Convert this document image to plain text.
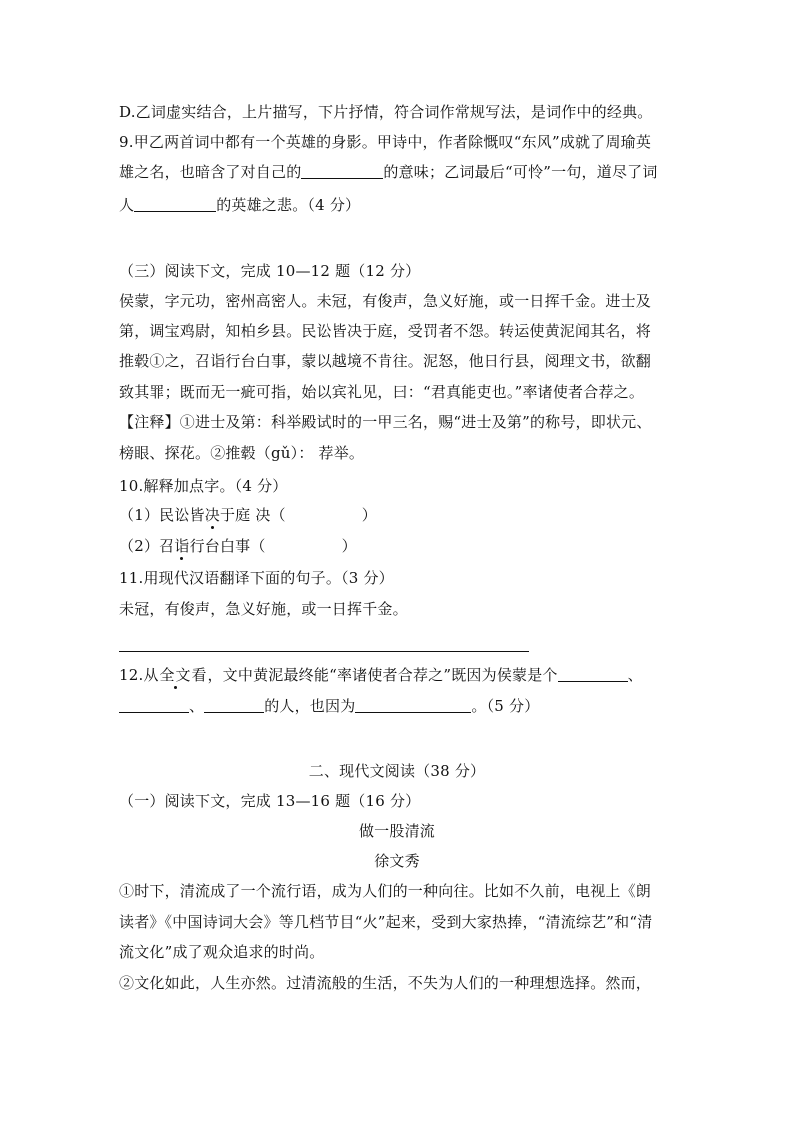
D.乙词虚实结合，上片描写，下片抒情，符合词作常规写法，是词作中的经典。
9.甲乙两首词中都有一个英雄的身影。甲诗中，作者除慨叹“东风”成就了周瑜英
雄之名，也暗含了对自己的	的意味；乙词最后“可怜”一句，道尽了词
人	的英雄之悲。（4 分）
（三）阅读下文，完成 10—12 题（12 分）
侯蒙，字元功，密州高密人。未冠，有俊声，急义好施，或一日挥千金。进士及
第，调宝鸡尉，知柏乡县。民讼皆决于庭，受罚者不怨。转运使黄泥闻其名，将
推毂①之，召诣行台白事，蒙以越境不肯往。泥怒，他日行县，阅理文书，欲翻
致其罪；既而无一疵可指，始以宾礼见，曰：“君真能吏也。”率诸使者合荐之。
【注释】①进士及第：科举殿试时的一甲三名，赐“进士及第”的称号，即状元、
榜眼、探花。②推毂（gǔ）： 荐举。
10.解释加点字。（4 分）
（1）民讼皆决于庭 决（	）
（2）召诣行台白事（	）
11.用现代汉语翻译下面的句子。（3 分）
未冠，有俊声，急义好施，或一日挥千金。
12.从全文看，文中黄泥最终能“率诸使者合荐之”既因为侯蒙是个	、
、	的人，也因为	。（5 分）
二、现代文阅读（38 分）
（一）阅读下文，完成 13—16 题（16 分）
做一股清流
徐文秀
①时下，清流成了一个流行语，成为人们的一种向往。比如不久前，电视上《朗
读者》《中国诗词大会》等几档节目“火”起来，受到大家热捧，“清流综艺”和“清
流文化”成了观众追求的时尚。
②文化如此，人生亦然。过清流般的生活，不失为人们的一种理想选择。然而，
